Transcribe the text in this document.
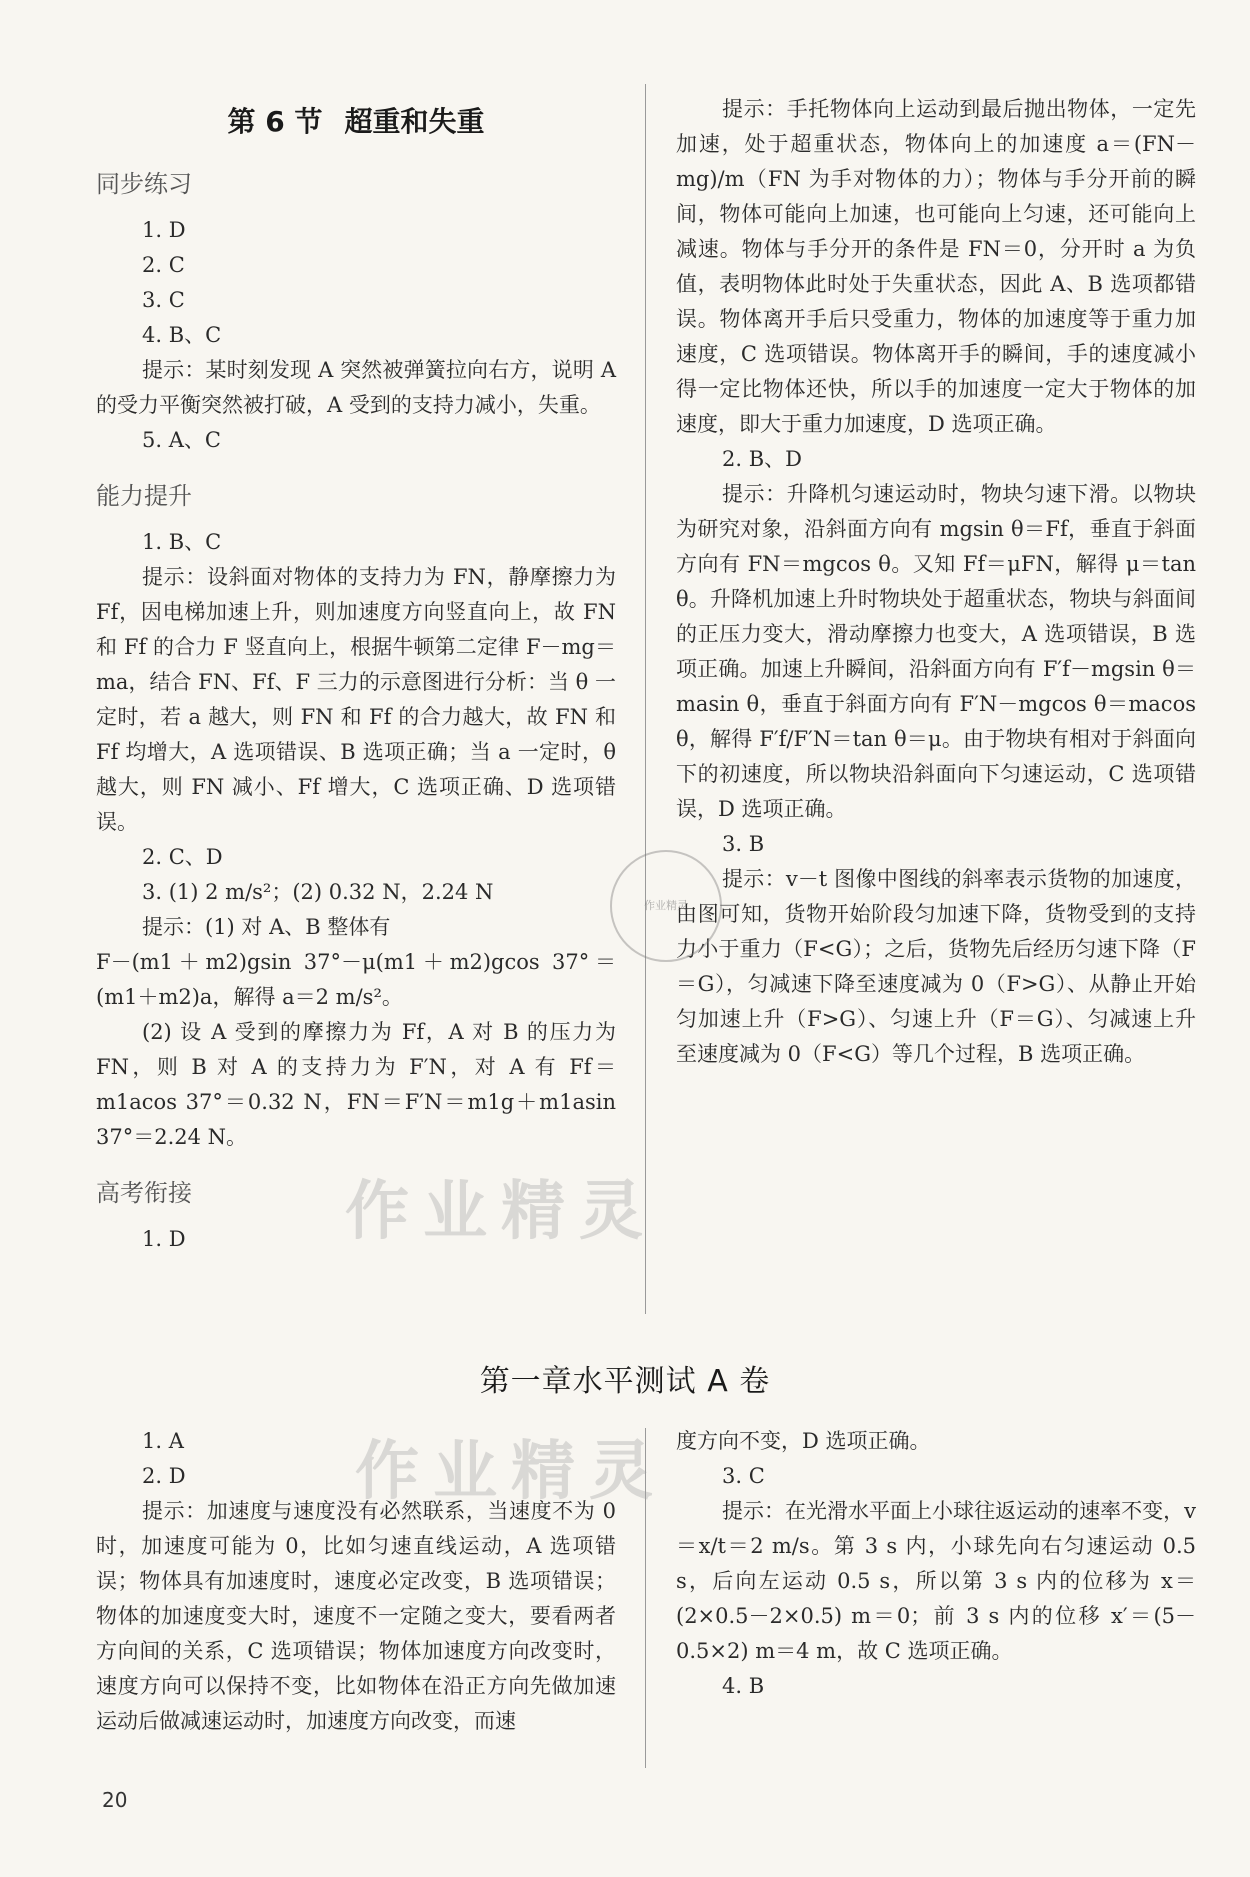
第 6 节 超重和失重
同步练习

1. D

2. C

3. C

4. B、C

提示：某时刻发现 A 突然被弹簧拉向右方，说明 A 的受力平衡突然被打破，A 受到的支持力减小，失重。

5. A、C

能力提升

1. B、C

提示：设斜面对物体的支持力为 FN，静摩擦力为 Ff，因电梯加速上升，则加速度方向竖直向上，故 FN 和 Ff 的合力 F 竖直向上，根据牛顿第二定律 F－mg＝ma，结合 FN、Ff、F 三力的示意图进行分析：当 θ 一定时，若 a 越大，则 FN 和 Ff 的合力越大，故 FN 和 Ff 均增大，A 选项错误、B 选项正确；当 a 一定时，θ 越大，则 FN 减小、Ff 增大，C 选项正确、D 选项错误。

2. C、D

3. (1) 2 m/s²；(2) 0.32 N，2.24 N

提示：(1) 对 A、B 整体有

F－(m1＋m2)gsin 37°－μ(m1＋m2)gcos 37°＝(m1＋m2)a，解得 a＝2 m/s²。

(2) 设 A 受到的摩擦力为 Ff，A 对 B 的压力为 FN，则 B 对 A 的支持力为 F′N，对 A 有 Ff＝m1acos 37°＝0.32 N，FN＝F′N＝m1g＋m1asin 37°＝2.24 N。

高考衔接

1. D

提示：手托物体向上运动到最后抛出物体，一定先加速，处于超重状态，物体向上的加速度 a＝(FN－mg)/m（FN 为手对物体的力）；物体与手分开前的瞬间，物体可能向上加速，也可能向上匀速，还可能向上减速。物体与手分开的条件是 FN＝0，分开时 a 为负值，表明物体此时处于失重状态，因此 A、B 选项都错误。物体离开手后只受重力，物体的加速度等于重力加速度，C 选项错误。物体离开手的瞬间，手的速度减小得一定比物体还快，所以手的加速度一定大于物体的加速度，即大于重力加速度，D 选项正确。

2. B、D

提示：升降机匀速运动时，物块匀速下滑。以物块为研究对象，沿斜面方向有 mgsin θ＝Ff，垂直于斜面方向有 FN＝mgcos θ。又知 Ff＝μFN，解得 μ＝tan θ。升降机加速上升时物块处于超重状态，物块与斜面间的正压力变大，滑动摩擦力也变大，A 选项错误，B 选项正确。加速上升瞬间，沿斜面方向有 F′f－mgsin θ＝masin θ，垂直于斜面方向有 F′N－mgcos θ＝macos θ，解得 F′f/F′N＝tan θ＝μ。由于物块有相对于斜面向下的初速度，所以物块沿斜面向下匀速运动，C 选项错误，D 选项正确。

3. B

提示：v－t 图像中图线的斜率表示货物的加速度，由图可知，货物开始阶段匀加速下降，货物受到的支持力小于重力（F<G）；之后，货物先后经历匀速下降（F＝G），匀减速下降至速度减为 0（F>G）、从静止开始匀加速上升（F>G）、匀速上升（F＝G）、匀减速上升至速度减为 0（F<G）等几个过程，B 选项正确。

第一章水平测试 A 卷

1. A

2. D

提示：加速度与速度没有必然联系，当速度不为 0 时，加速度可能为 0，比如匀速直线运动，A 选项错误；物体具有加速度时，速度必定改变，B 选项错误；物体的加速度变大时，速度不一定随之变大，要看两者方向间的关系，C 选项错误；物体加速度方向改变时，速度方向可以保持不变，比如物体在沿正方向先做加速运动后做减速运动时，加速度方向改变，而速

度方向不变，D 选项正确。

3. C

提示：在光滑水平面上小球往返运动的速率不变，v＝x/t＝2 m/s。第 3 s 内，小球先向右匀速运动 0.5 s，后向左运动 0.5 s，所以第 3 s 内的位移为 x＝(2×0.5－2×0.5) m＝0；前 3 s 内的位移 x′＝(5－0.5×2) m＝4 m，故 C 选项正确。

4. B

作业精灵
作业精灵
作业精灵
20
